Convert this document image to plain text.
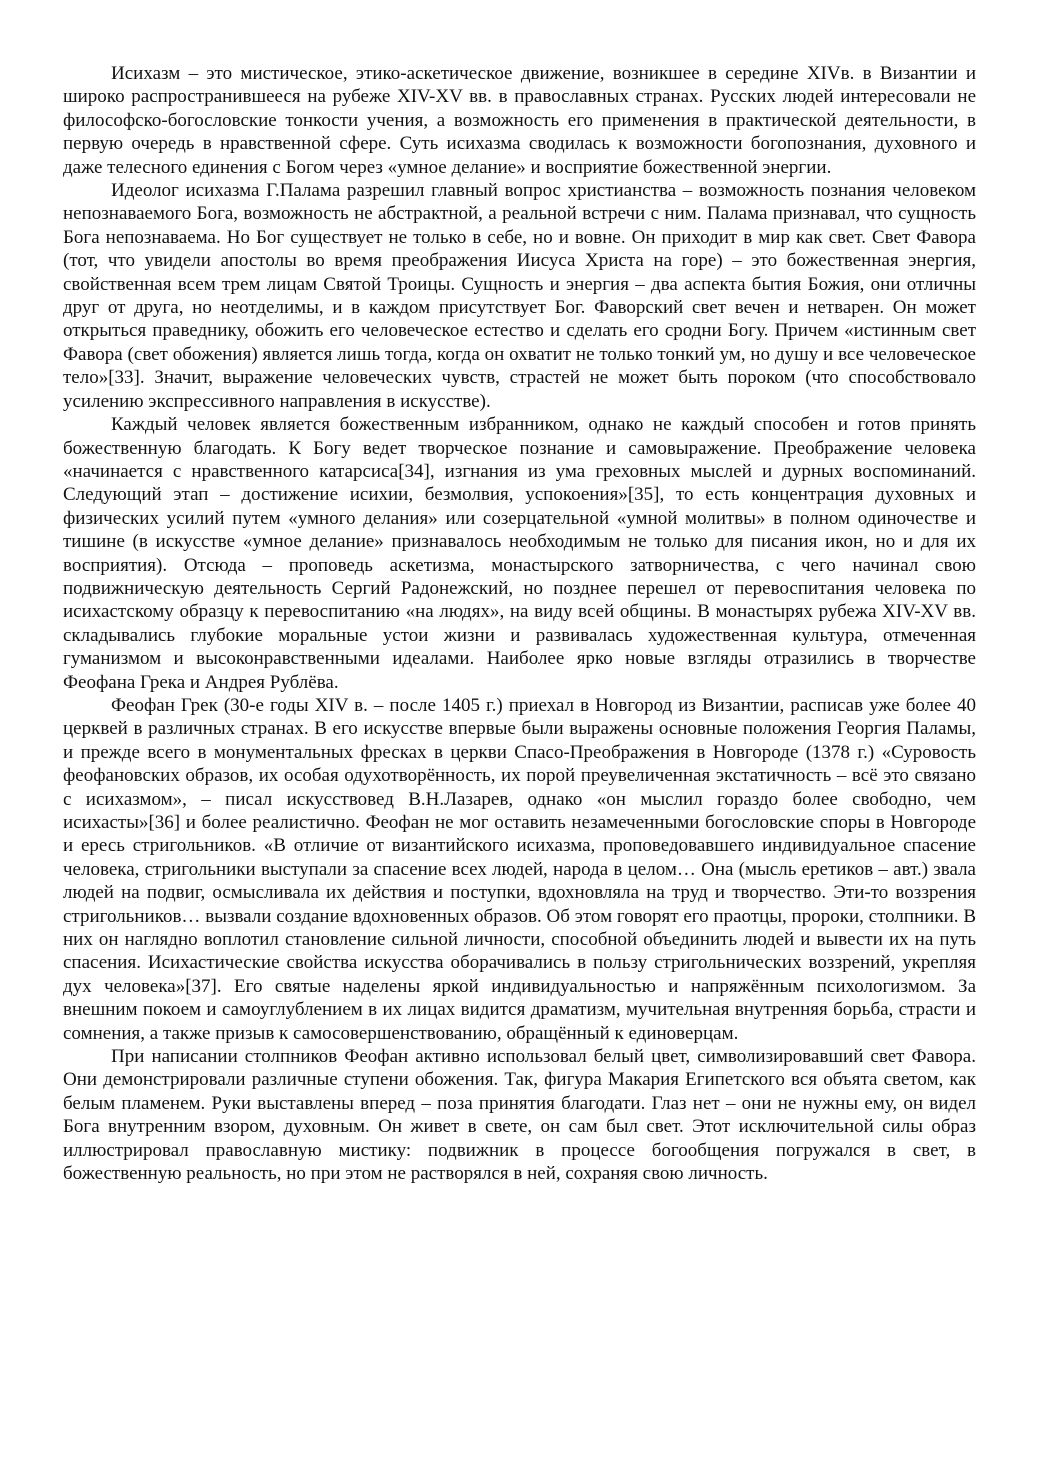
Исихазм – это мистическое, этико-аскетическое движение, возникшее в середине XIVв. в Византии и широко распространившееся на рубеже XIV-XV вв. в православных странах. Русских людей интересовали не философско-богословские тонкости учения, а возможность его применения в практической деятельности, в первую очередь в нравственной сфере. Суть исихазма сводилась к возможности богопознания, духовного и даже телесного единения с Богом через «умное делание» и восприятие божественной энергии.

Идеолог исихазма Г.Палама разрешил главный вопрос христианства – возможность познания человеком непознаваемого Бога, возможность не абстрактной, а реальной встречи с ним. Палама признавал, что сущность Бога непознаваема. Но Бог существует не только в себе, но и вовне. Он приходит в мир как свет. Свет Фавора (тот, что увидели апостолы во время преображения Иисуса Христа на горе) – это божественная энергия, свойственная всем трем лицам Святой Троицы. Сущность и энергия – два аспекта бытия Божия, они отличны друг от друга, но неотделимы, и в каждом присутствует Бог. Фаворский свет вечен и нетварен. Он может открыться праведнику, обожить его человеческое естество и сделать его сродни Богу. Причем «истинным свет Фавора (свет обожения) является лишь тогда, когда он охватит не только тонкий ум, но душу и все человеческое тело»[33]. Значит, выражение человеческих чувств, страстей не может быть пороком (что способствовало усилению экспрессивного направления в искусстве).

Каждый человек является божественным избранником, однако не каждый способен и готов принять божественную благодать. К Богу ведет творческое познание и самовыражение. Преображение человека «начинается с нравственного катарсиса[34], изгнания из ума греховных мыслей и дурных воспоминаний. Следующий этап – достижение исихии, безмолвия, успокоения»[35], то есть концентрация духовных и физических усилий путем «умного делания» или созерцательной «умной молитвы» в полном одиночестве и тишине (в искусстве «умное делание» признавалось необходимым не только для писания икон, но и для их восприятия). Отсюда – проповедь аскетизма, монастырского затворничества, с чего начинал свою подвижническую деятельность Сергий Радонежский, но позднее перешел от перевоспитания человека по исихастскому образцу к перевоспитанию «на людях», на виду всей общины. В монастырях рубежа XIV-XV вв. складывались глубокие моральные устои жизни и развивалась художественная культура, отмеченная гуманизмом и высоконравственными идеалами. Наиболее ярко новые взгляды отразились в творчестве Феофана Грека и Андрея Рублёва.

Феофан Грек (30-е годы XIV в. – после 1405 г.) приехал в Новгород из Византии, расписав уже более 40 церквей в различных странах. В его искусстве впервые были выражены основные положения Георгия Паламы, и прежде всего в монументальных фресках в церкви Спасо-Преображения в Новгороде (1378 г.) «Суровость феофановских образов, их особая одухотворённость, их порой преувеличенная экстатичность – всё это связано с исихазмом», – писал искусствовед В.Н.Лазарев, однако «он мыслил гораздо более свободно, чем исихасты»[36] и более реалистично. Феофан не мог оставить незамеченными богословские споры в Новгороде и ересь стригольников. «В отличие от византийского исихазма, проповедовавшего индивидуальное спасение человека, стригольники выступали за спасение всех людей, народа в целом… Она (мысль еретиков – авт.) звала людей на подвиг, осмысливала их действия и поступки, вдохновляла на труд и творчество. Эти-то воззрения стригольников… вызвали создание вдохновенных образов. Об этом говорят его праотцы, пророки, столпники. В них он наглядно воплотил становление сильной личности, способной объединить людей и вывести их на путь спасения. Исихастические свойства искусства оборачивались в пользу стригольнических воззрений, укрепляя дух человека»[37]. Его святые наделены яркой индивидуальностью и напряжённым психологизмом. За внешним покоем и самоуглублением в их лицах видится драматизм, мучительная внутренняя борьба, страсти и сомнения, а также призыв к самосовершенствованию, обращённый к единоверцам.

При написании столпников Феофан активно использовал белый цвет, символизировавший свет Фавора. Они демонстрировали различные ступени обожения. Так, фигура Макария Египетского вся объята светом, как белым пламенем. Руки выставлены вперед – поза принятия благодати. Глаз нет – они не нужны ему, он видел Бога внутренним взором, духовным. Он живет в свете, он сам был свет. Этот исключительной силы образ иллюстрировал православную мистику: подвижник в процессе богообщения погружался в свет, в божественную реальность, но при этом не растворялся в ней, сохраняя свою личность.
